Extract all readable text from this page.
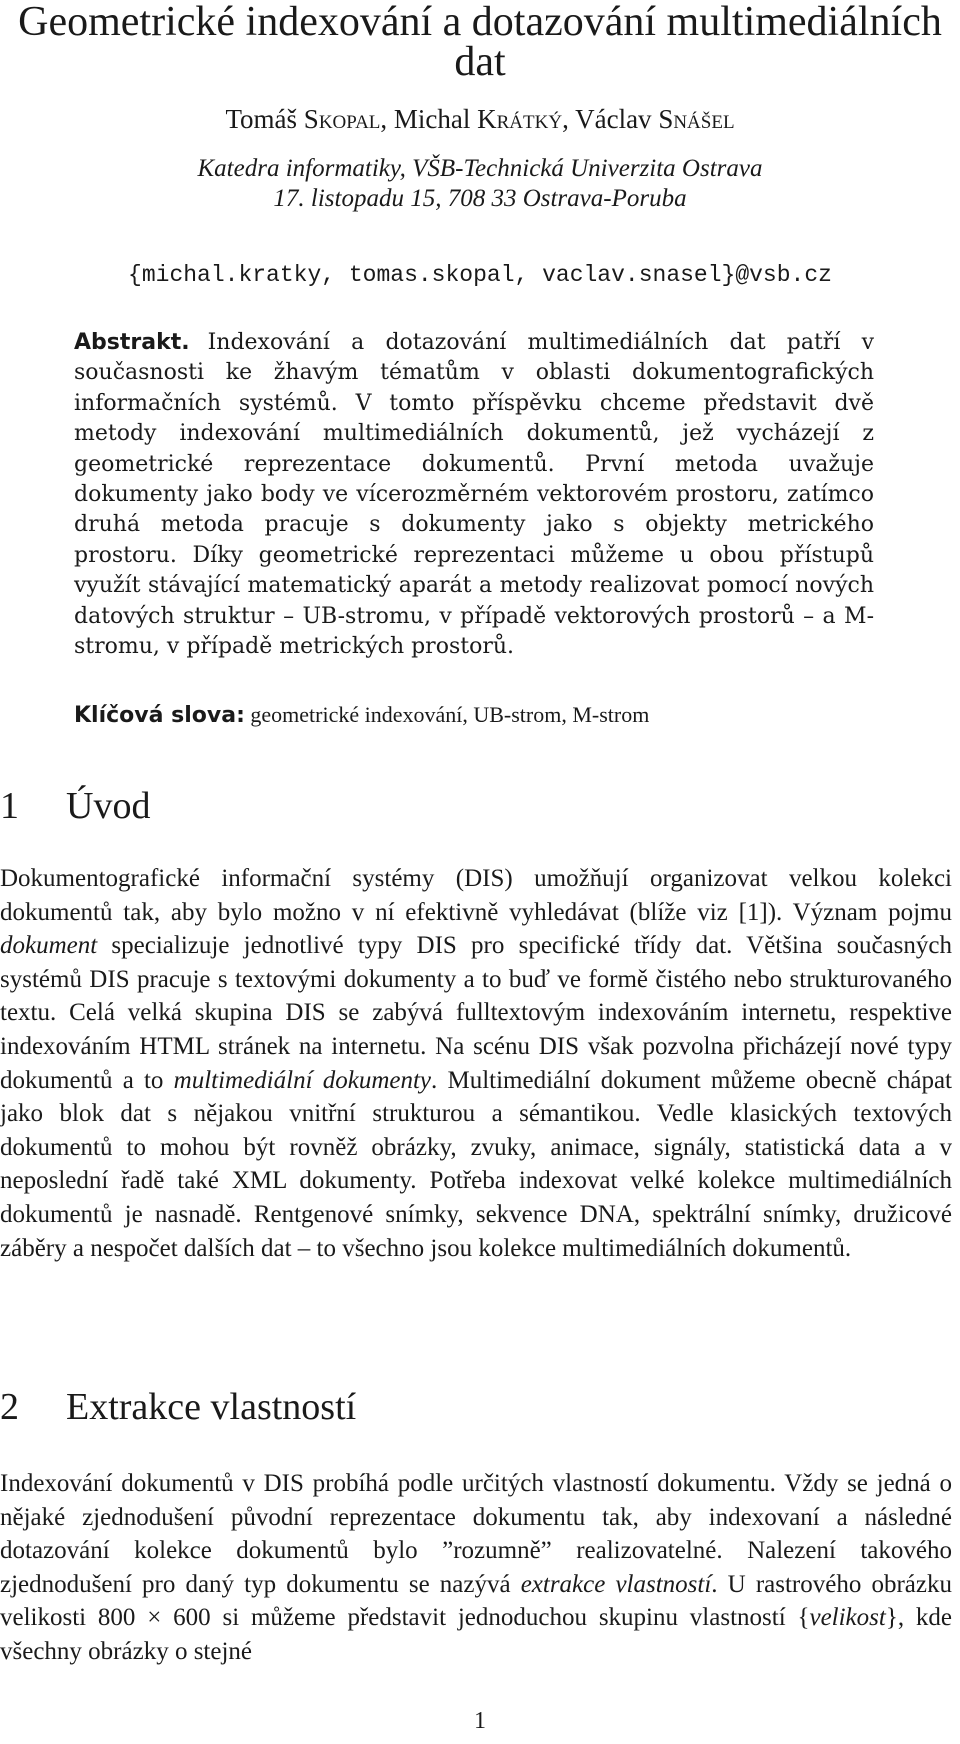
Geometrické indexování a dotazování multimediálních dat
Tomáš Skopal, Michal Krátký, Václav Snášel
Katedra informatiky, VŠB-Technická Univerzita Ostrava
17. listopadu 15, 708 33 Ostrava-Poruba
{michal.kratky, tomas.skopal, vaclav.snasel}@vsb.cz
Abstrakt. Indexování a dotazování multimediálních dat patří v současnosti ke žhavým tématům v oblasti dokumentografických informačních systémů. V tomto příspěvku chceme představit dvě metody indexování multimediálních dokumentů, jež vycházejí z geometrické reprezentace dokumentů. První metoda uvažuje dokumenty jako body ve vícerozměrném vektorovém prostoru, zatímco druhá metoda pracuje s dokumenty jako s objekty metrického prostoru. Díky geometrické reprezentaci můžeme u obou přístupů využít stávající matematický aparát a metody realizovat pomocí nových datových struktur – UB-stromu, v případě vektorových prostorů – a M-stromu, v případě metrických prostorů.
Klíčová slova: geometrické indexování, UB-strom, M-strom
1 Úvod
Dokumentografické informační systémy (DIS) umožňují organizovat velkou kolekci dokumentů tak, aby bylo možno v ní efektivně vyhledávat (blíže viz [1]). Význam pojmu dokument specializuje jednotlivé typy DIS pro specifické třídy dat. Většina současných systémů DIS pracuje s textovými dokumenty a to buď ve formě čistého nebo strukturovaného textu. Celá velká skupina DIS se zabývá fulltextovým indexováním internetu, respektive indexováním HTML stránek na internetu. Na scénu DIS však pozvolna přicházejí nové typy dokumentů a to multimediální dokumenty. Multimediální dokument můžeme obecně chápat jako blok dat s nějakou vnitřní strukturou a sémantikou. Vedle klasických textových dokumentů to mohou být rovněž obrázky, zvuky, animace, signály, statistická data a v neposlední řadě také XML dokumenty. Potřeba indexovat velké kolekce multimediálních dokumentů je nasnadě. Rentgenové snímky, sekvence DNA, spektrální snímky, družicové záběry a nespočet dalších dat – to všechno jsou kolekce multimediálních dokumentů.
2 Extrakce vlastností
Indexování dokumentů v DIS probíhá podle určitých vlastností dokumentu. Vždy se jedná o nějaké zjednodušení původní reprezentace dokumentu tak, aby indexovaní a následné dotazování kolekce dokumentů bylo ”rozumně” realizovatelné. Nalezení takového zjednodušení pro daný typ dokumentu se nazývá extrakce vlastností. U rastrového obrázku velikosti 800 × 600 si můžeme představit jednoduchou skupinu vlastností {velikost}, kde všechny obrázky o stejné
1
